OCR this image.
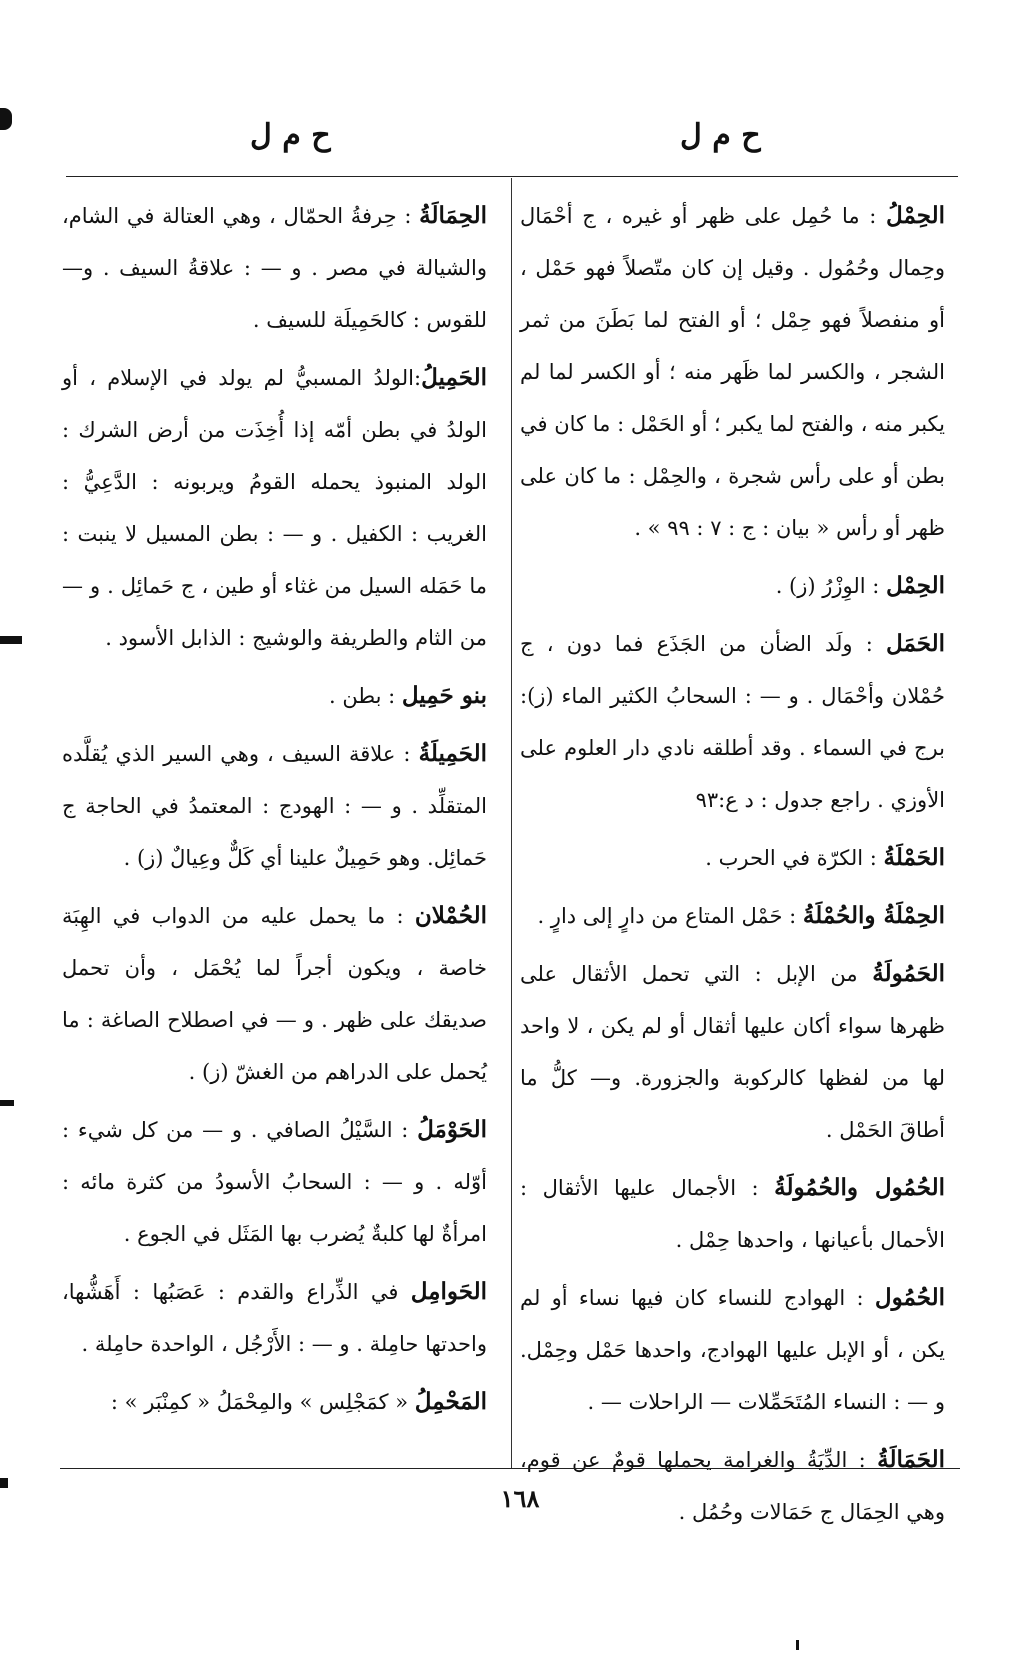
ح م ل
ح م ل

الحِمْلُ : ما حُمِل على ظهر أو غيره ، ج أحْمَال وحِمال وحُمُول . وقيل إن كان متّصلاً فهو حَمْل ، أو منفصلاً فهو حِمْل ؛ أو الفتح لما بَطَنَ من ثمر الشجر ، والكسر لما ظَهر منه ؛ أو الكسر لما لم يكبر منه ، والفتح لما يكبر ؛ أو الحَمْل : ما كان في بطن أو على رأس شجرة ، والحِمْل : ما كان على ظهر أو رأس « بيان : ج : ٧ : ٩٩ » .

الحِمْل : الوِزْرُ (ز) .

الحَمَل : ولَد الضأن من الجَذَع فما دون ، ج حُمْلان وأحْمَال . و — : السحابُ الكثير الماء (ز): برج في السماء . وقد أطلقه نادي دار العلوم على الأوزي . راجع جدول : د ع:٩٣

الحَمْلَةُ : الكرّة في الحرب .

الحِمْلَةُ والحُمْلَةُ : حَمْل المتاع من دارٍ إلى دارٍ .

الحَمُولَةُ من الإبل : التي تحمل الأثقال على ظهرها سواء أكان عليها أثقال أو لم يكن ، لا واحد لها من لفظها كالركوبة والجزورة. و— كلُّ ما أطاقَ الحَمْل .

الحُمُول والحُمُولَةُ : الأجمال عليها الأثقال : الأحمال بأعيانها ، واحدها حِمْل .

الحُمُول : الهوادج للنساء كان فيها نساء أو لم يكن ، أو الإبل عليها الهوادج، واحدها حَمْل وحِمْل. و — : النساء المُتَحَمِّلات — الراحلات — .

الحَمَالَةُ : الدِّيَةُ والغرامة يحملها قومٌ عن قوم، وهي الحِمَال ج حَمَالات وحُمُل .

الحِمَالَةُ : حِرفةُ الحمّال ، وهي العتالة في الشام، والشيالة في مصر . و — : علاقةُ السيف . و— للقوس : كالحَمِيلَة للسيف .

الحَمِيلُ:الولدُ المسبيُّ لم يولد في الإسلام ، أو الولدُ في بطن أمّه إذا أُخِذَت من أرض الشرك : الولد المنبوذ يحمله القومُ ويربونه : الدَّعِيُّ : الغريب : الكفيل . و — : بطن المسيل لا ينبت : ما حَمَله السيل من غثاء أو طين ، ج حَمائِل . و — من الثام والطريفة والوشيج : الذابل الأسود .

بنو حَمِيل : بطن .

الحَمِيلَةُ : علاقة السيف ، وهي السير الذي يُقلَّده المتقلِّد . و — : الهودج : المعتمدُ في الحاجة ج حَمائِل. وهو حَمِيلٌ علينا أي كَلٌّ وعِيالٌ (ز) .

الحُمْلان : ما يحمل عليه من الدواب في الهِبَة خاصة ، ويكون أجراً لما يُحْمَل ، وأن تحمل صديقك على ظهر . و — في اصطلاح الصاغة : ما يُحمل على الدراهم من الغشّ (ز) .

الحَوْمَلُ : السَّيْلُ الصافي . و — من كل شيء : أوّله . و — : السحابُ الأسودُ من كثرة مائه : امرأةٌ لها كلبةٌ يُضرب بها المَثَل في الجوع .

الحَوامِل في الذِّراع والقدم : عَصَبُها : أَهَشُّها، واحدتها حامِلة . و — : الأَرْجُل ، الواحدة حامِلة .

المَحْمِلُ « كمَجْلِس » والمِحْمَلُ « كمِنْبَر » :

١٦٨
